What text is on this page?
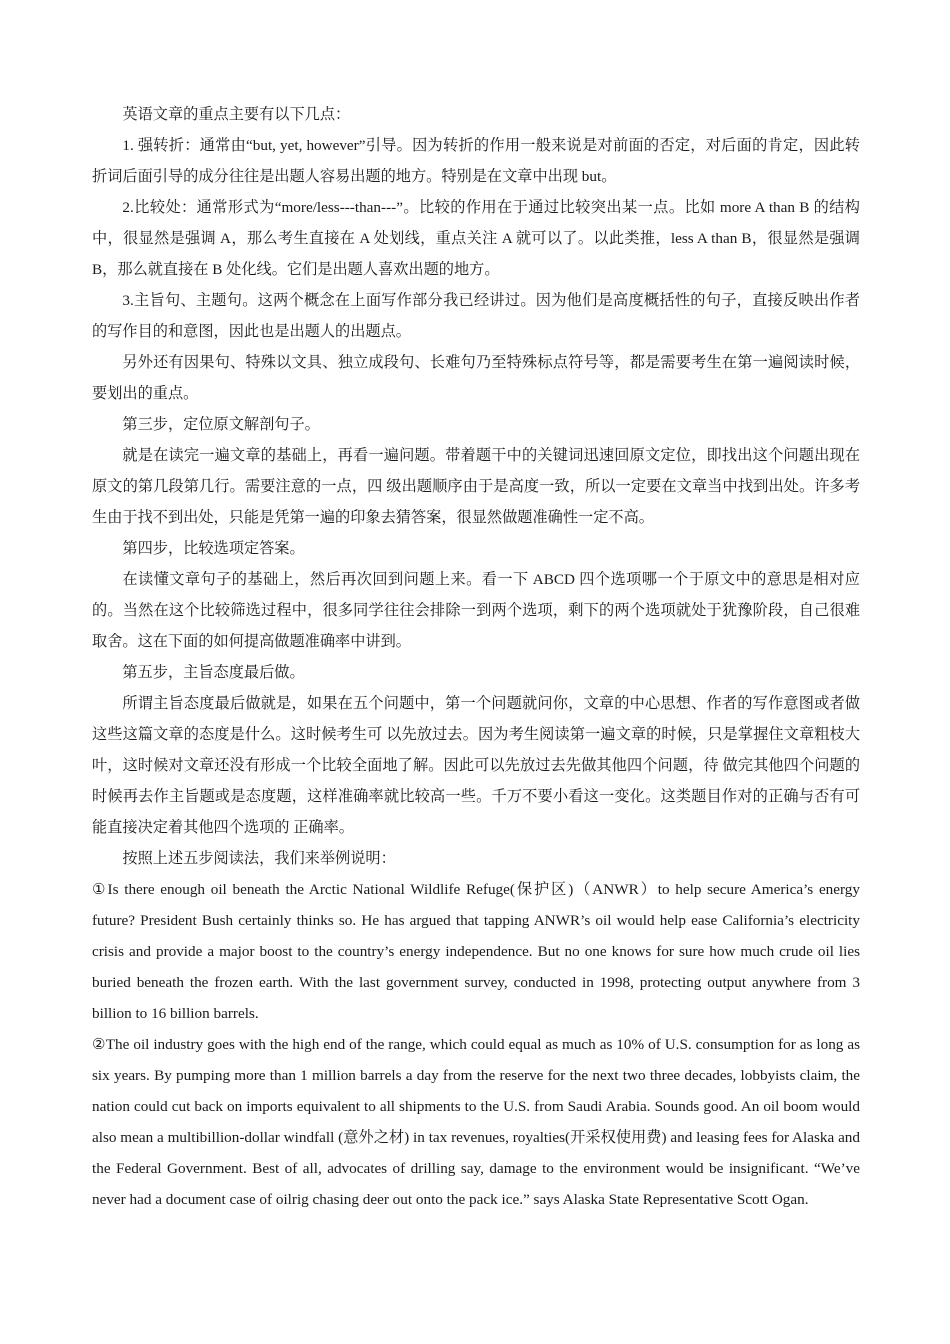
英语文章的重点主要有以下几点：

1. 强转折：通常由“but, yet, however”引导。因为转折的作用一般来说是对前面的否定，对后面的肯定，因此转折词后面引导的成分往往是出题人容易出题的地方。特别是在文章中出现 but。

2.比较处：通常形式为“more/less---than---”。比较的作用在于通过比较突出某一点。比如 more A than B 的结构中，很显然是强调 A，那么考生直接在 A 处划线，重点关注 A 就可以了。以此类推，less A than B，很显然是强调 B，那么就直接在 B 处化线。它们是出题人喜欢出题的地方。

3.主旨句、主题句。这两个概念在上面写作部分我已经讲过。因为他们是高度概括性的句子，直接反映出作者的写作目的和意图，因此也是出题人的出题点。

另外还有因果句、特殊以文具、独立成段句、长难句乃至特殊标点符号等，都是需要考生在第一遍阅读时候，要划出的重点。

第三步，定位原文解剖句子。

就是在读完一遍文章的基础上，再看一遍问题。带着题干中的关键词迅速回原文定位，即找出这个问题出现在原文的第几段第几行。需要注意的一点，四 级出题顺序由于是高度一致，所以一定要在文章当中找到出处。许多考生由于找不到出处，只能是凭第一遍的印象去猜答案，很显然做题准确性一定不高。

第四步，比较选项定答案。

在读懂文章句子的基础上，然后再次回到问题上来。看一下 ABCD 四个选项哪一个于原文中的意思是相对应的。当然在这个比较筛选过程中，很多同学往往会排除一到两个选项，剩下的两个选项就处于犹豫阶段，自己很难取舍。这在下面的如何提高做题准确率中讲到。

第五步，主旨态度最后做。

所谓主旨态度最后做就是，如果在五个问题中，第一个问题就问你，文章的中心思想、作者的写作意图或者做这些这篇文章的态度是什么。这时候考生可 以先放过去。因为考生阅读第一遍文章的时候，只是掌握住文章粗枝大叶，这时候对文章还没有形成一个比较全面地了解。因此可以先放过去先做其他四个问题，待 做完其他四个问题的时候再去作主旨题或是态度题，这样准确率就比较高一些。千万不要小看这一变化。这类题目作对的正确与否有可能直接决定着其他四个选项的 正确率。

按照上述五步阅读法，我们来举例说明：

①Is there enough oil beneath the Arctic National Wildlife Refuge(保护区)（ANWR）to help secure America’s energy future? President Bush certainly thinks so. He has argued that tapping ANWR’s oil would help ease California’s electricity crisis and provide a major boost to the country’s energy independence. But no one knows for sure how much crude oil lies buried beneath the frozen earth. With the last government survey, conducted in 1998, protecting output anywhere from 3 billion to 16 billion barrels.

②The oil industry goes with the high end of the range, which could equal as much as 10% of U.S. consumption for as long as six years. By pumping more than 1 million barrels a day from the reserve for the next two three decades, lobbyists claim, the nation could cut back on imports equivalent to all shipments to the U.S. from Saudi Arabia. Sounds good. An oil boom would also mean a multibillion-dollar windfall (意外之材) in tax revenues, royalties(开采权使用费) and leasing fees for Alaska and the Federal Government. Best of all, advocates of drilling say, damage to the environment would be insignificant. “We’ve never had a document case of oilrig chasing deer out onto the pack ice.” says Alaska State Representative Scott Ogan.
